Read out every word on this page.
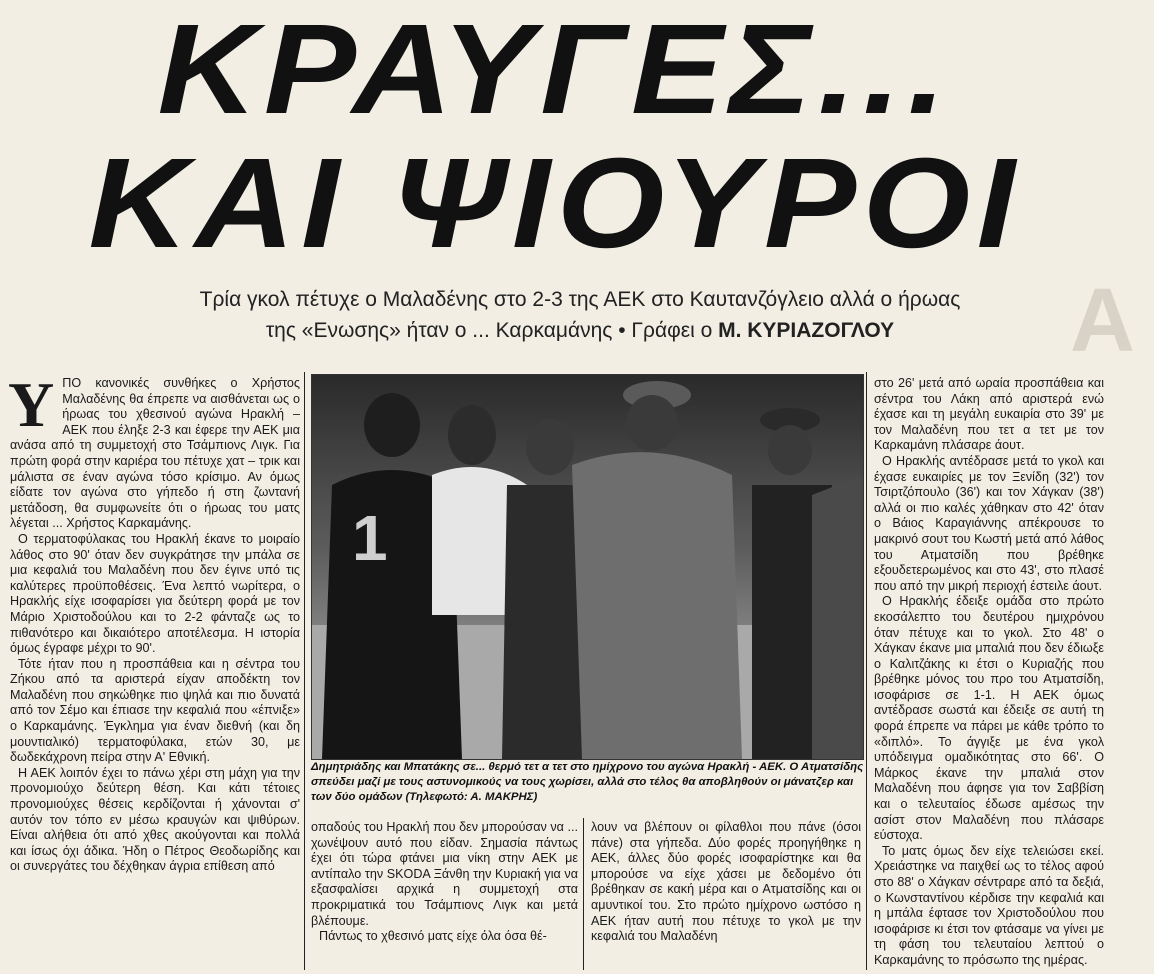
ΚΡΑΥΓΕΣ...
ΚΑΙ ΨΙΟΥΡΟΙ
Τρία γκολ πέτυχε ο Μαλαδένης στο 2-3 της ΑΕΚ στο Καυτανζόγλειο αλλά ο ήρωας
της «Ενωσης» ήταν ο ... Καρκαμάνης • Γράφει ο Μ. ΚΥΡΙΑΖΟΓΛΟΥ	Α
Υ ΠΟ κανονικές συνθήκες ο Χρήστος Μαλαδένης θα έπρεπε να αισθάνεται ως ο ήρωας του χθεσινού αγώνα Ηρακλή – ΑΕΚ που έληξε 2-3 και έφερε την ΑΕΚ μια ανάσα από τη συμμετοχή στο Τσάμπιονς Λιγκ. Για πρώτη φορά στην καριέρα του πέτυχε χατ – τρικ και μάλιστα σε έναν αγώνα τόσο κρίσιμο. Αν όμως είδατε τον αγώνα στο γήπεδο ή στη ζωντανή μετάδοση, θα συμφωνείτε ότι ο ήρωας του ματς λέγεται ... Χρήστος Καρκαμάνης.

Ο τερματοφύλακας του Ηρακλή έκανε το μοιραίο λάθος στο 90' όταν δεν συγκράτησε την μπάλα σε μια κεφαλιά του Μαλαδένη που δεν έγινε υπό τις καλύτερες προϋποθέσεις. Ένα λεπτό νωρίτερα, ο Ηρακλής είχε ισοφαρίσει για δεύτερη φορά με τον Μάριο Χριστοδούλου και το 2-2 φάνταζε ως το πιθανότερο και δικαιότερο αποτέλεσμα. Η ιστορία όμως έγραφε μέχρι το 90'.

Τότε ήταν που η προσπάθεια και η σέντρα του Ζήκου από τα αριστερά είχαν αποδέκτη τον Μαλαδένη που σηκώθηκε πιο ψηλά και πιο δυνατά από τον Σέμο και έπιασε την κεφαλιά που «έπνιξε» ο Καρκαμάνης. Έγκλημα για έναν διεθνή (και δη μουντιαλικό) τερματοφύλακα, ετών 30, με δωδεκάχρονη πείρα στην Α' Εθνική.

Η ΑΕΚ λοιπόν έχει το πάνω χέρι στη μάχη για την προνομιούχο δεύτερη θέση. Και κάτι τέτοιες προνομιούχες θέσεις κερδίζονται ή χάνονται σ' αυτόν τον τόπο εν μέσω κραυγών και ψιθύρων. Είναι αλήθεια ότι από χθες ακούγονται και πολλά και ίσως όχι άδικα. Ήδη ο Πέτρος Θεοδωρίδης και οι συνεργάτες του δέχθηκαν άγρια επίθεση από

1
Δημητριάδης και Μπατάκης σε... θερμό τετ α τετ στο ημίχρονο του αγώνα Ηρακλή - ΑΕΚ. Ο Ατματσίδης σπεύδει μαζί με τους αστυνομικούς να τους χωρίσει, αλλά στο τέλος θα αποβληθούν οι μάνατζερ και των δύο ομάδων (Τηλεφωτό: Α. ΜΑΚΡΗΣ)

οπαδούς του Ηρακλή που δεν μπορούσαν να ... χωνέψουν αυτό που είδαν. Σημασία πάντως έχει ότι τώρα φτάνει μια νίκη στην ΑΕΚ με αντίπαλο την SKODA Ξάνθη την Κυριακή για να εξασφαλίσει αρχικά η συμμετοχή στα προκριματικά του Τσάμπιονς Λιγκ και μετά βλέπουμε.

Πάντως το χθεσινό ματς είχε όλα όσα θέ-

λουν να βλέπουν οι φίλαθλοι που πάνε (όσοι πάνε) στα γήπεδα. Δύο φορές προηγήθηκε η ΑΕΚ, άλλες δύο φορές ισοφαρίστηκε και θα μπορούσε να είχε χάσει με δεδομένο ότι βρέθηκαν σε κακή μέρα και ο Ατματσίδης και οι αμυντικοί του. Στο πρώτο ημίχρονο ωστόσο η ΑΕΚ ήταν αυτή που πέτυχε το γκολ με την κεφαλιά του Μαλαδένη

στο 26' μετά από ωραία προσπάθεια και σέντρα του Λάκη από αριστερά ενώ έχασε και τη μεγάλη ευκαιρία στο 39' με τον Μαλαδένη που τετ α τετ με τον Καρκαμάνη πλάσαρε άουτ.

Ο Ηρακλής αντέδρασε μετά το γκολ και έχασε ευκαιρίες με τον Ξενίδη (32') τον Τσιρτζόπουλο (36') και τον Χάγκαν (38') αλλά οι πιο καλές χάθηκαν στο 42' όταν ο Βάιος Καραγιάννης απέκρουσε το μακρινό σουτ του Κωστή μετά από λάθος του Ατματσίδη που βρέθηκε εξουδετερωμένος και στο 43', στο πλασέ που από την μικρή περιοχή έστειλε άουτ.

Ο Ηρακλής έδειξε ομάδα στο πρώτο εκοσάλεπτο του δευτέρου ημιχρόνου όταν πέτυχε και το γκολ. Στο 48' ο Χάγκαν έκανε μια μπαλιά που δεν έδιωξε ο Καλιτζάκης κι έτσι ο Κυριαζής που βρέθηκε μόνος του προ του Ατματσίδη, ισοφάρισε σε 1-1. Η ΑΕΚ όμως αντέδρασε σωστά και έδειξε σε αυτή τη φορά έπρεπε να πάρει με κάθε τρόπο το «διπλό». Το άγγιξε με ένα γκολ υπόδειγμα ομαδικότητας στο 66'. Ο Μάρκος έκανε την μπαλιά στον Μαλαδένη που άφησε για τον Σαββίση και ο τελευταίος έδωσε αμέσως την ασίστ στον Μαλαδένη που πλάσαρε εύστοχα.

Το ματς όμως δεν είχε τελειώσει εκεί. Χρειάστηκε να παιχθεί ως το τέλος αφού στο 88' ο Χάγκαν σέντραρε από τα δεξιά, ο Κωνσταντίνου κέρδισε την κεφαλιά και η μπάλα έφτασε τον Χριστοδούλου που ισοφάρισε κι έτσι τον φτάσαμε να γίνει με τη φάση του τελευταίου λεπτού ο Καρκαμάνης το πρόσωπο της ημέρας.
